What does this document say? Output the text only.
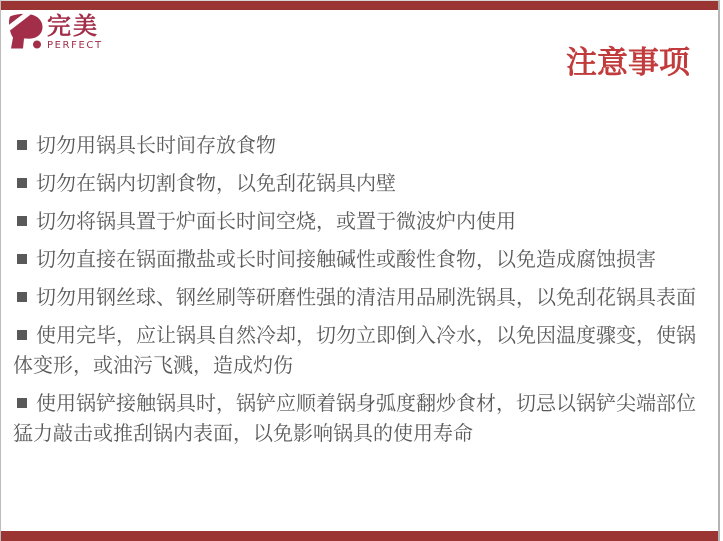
完美
PERFECT	注意事项
切勿用锅具长时间存放食物
切勿在锅内切割食物，以免刮花锅具内壁
切勿将锅具置于炉面长时间空烧，或置于微波炉内使用
切勿直接在锅面撒盐或长时间接触碱性或酸性食物，以免造成腐蚀损害
切勿用钢丝球、钢丝刷等研磨性强的清洁用品刷洗锅具，以免刮花锅具表面
使用完毕，应让锅具自然冷却，切勿立即倒入冷水，以免因温度骤变，使锅体变形，或油污飞溅，造成灼伤
使用锅铲接触锅具时，锅铲应顺着锅身弧度翻炒食材，切忌以锅铲尖端部位猛力敲击或推刮锅内表面，以免影响锅具的使用寿命
